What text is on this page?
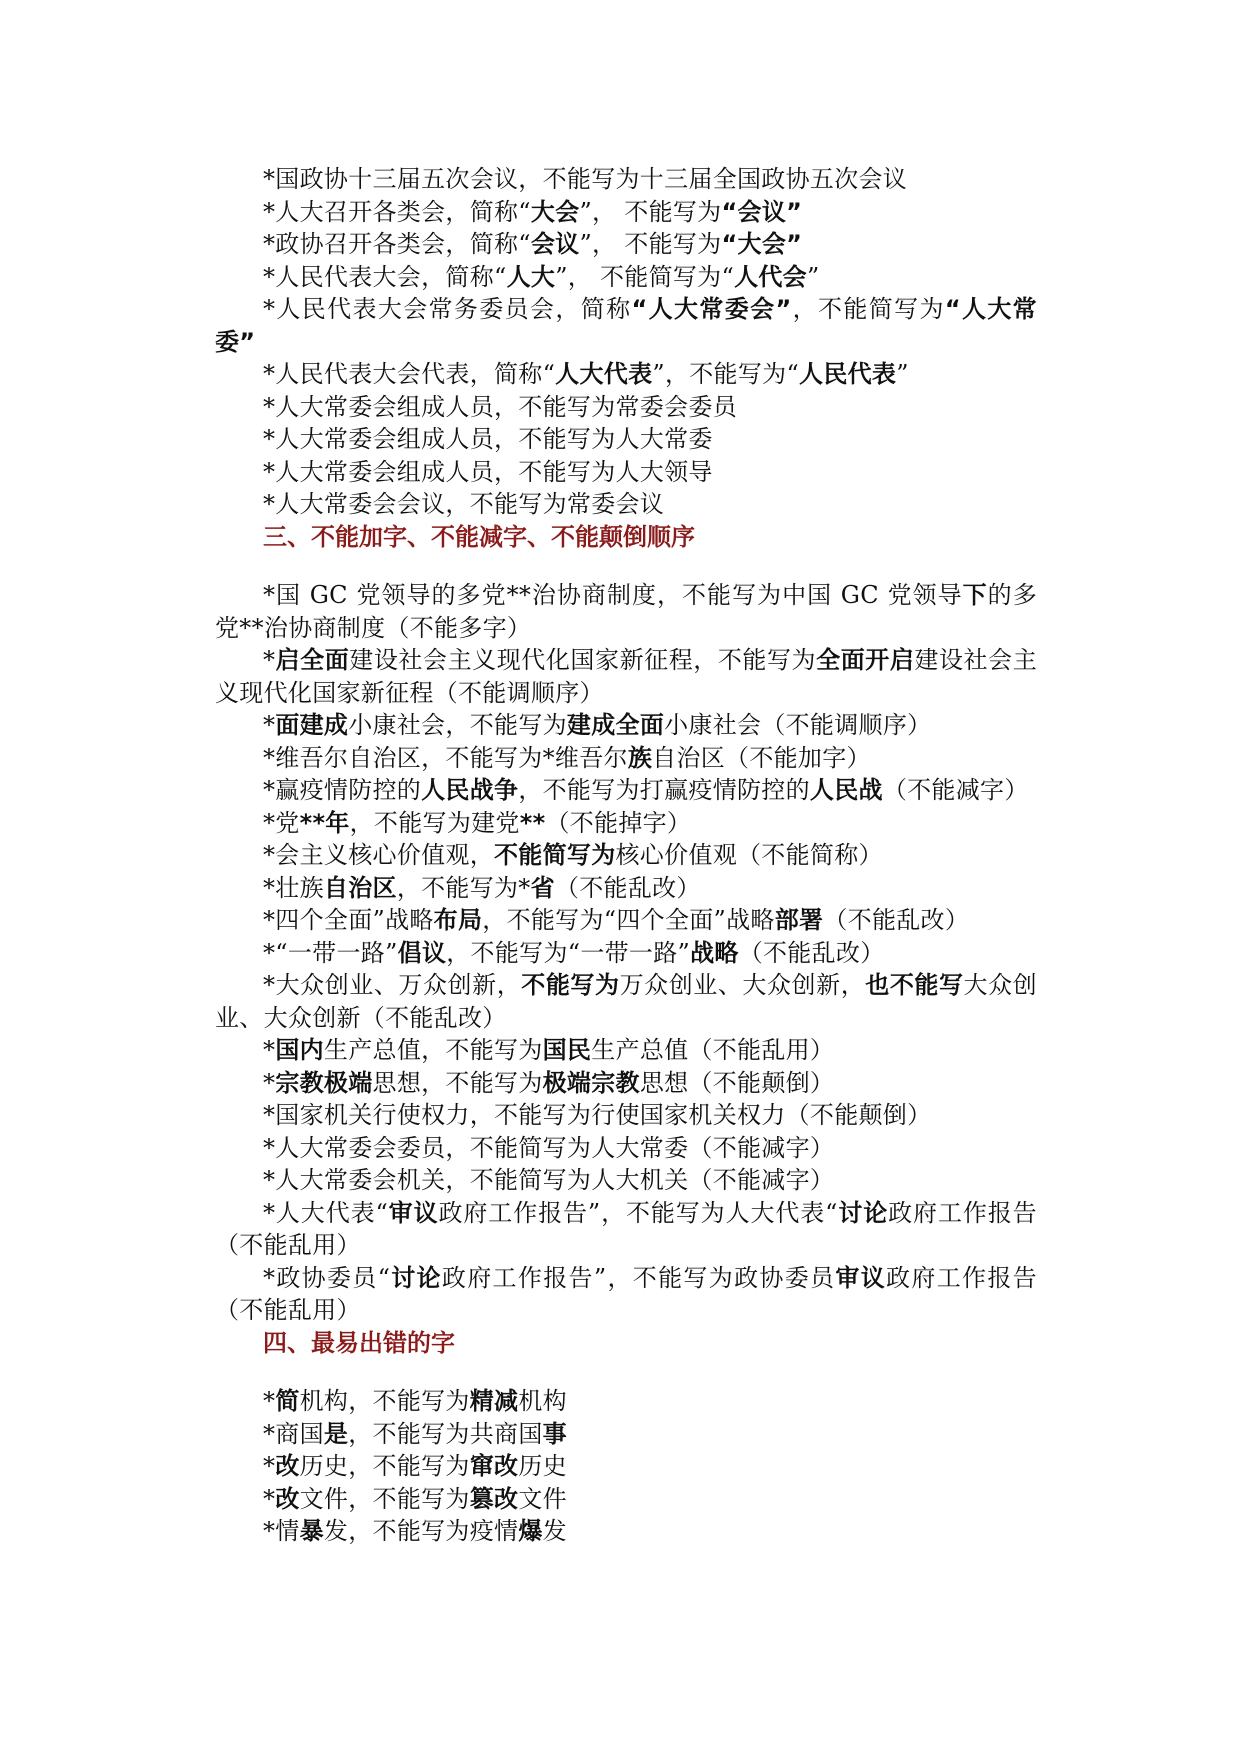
*国政协十三届五次会议，不能写为十三届全国政协五次会议

*人大召开各类会，简称“大会”， 不能写为“会议”

*政协召开各类会，简称“会议”， 不能写为“大会”

*人民代表大会，简称“人大”， 不能简写为“人代会”

*人民代表大会常务委员会，简称“人大常委会”，不能简写为“人大常委”

*人民代表大会代表，简称“人大代表”，不能写为“人民代表”

*人大常委会组成人员，不能写为常委会委员

*人大常委会组成人员，不能写为人大常委

*人大常委会组成人员，不能写为人大领导

*人大常委会会议，不能写为常委会议

三、不能加字、不能减字、不能颠倒顺序

*国 GC 党领导的多党**治协商制度，不能写为中国 GC 党领导下的多党**治协商制度（不能多字）

*启全面建设社会主义现代化国家新征程，不能写为全面开启建设社会主义现代化国家新征程（不能调顺序）

*面建成小康社会，不能写为建成全面小康社会（不能调顺序）

*维吾尔自治区，不能写为*维吾尔族自治区（不能加字）

*赢疫情防控的人民战争，不能写为打赢疫情防控的人民战（不能减字）

*党**年，不能写为建党**（不能掉字）

*会主义核心价值观，不能简写为核心价值观（不能简称）

*壮族自治区，不能写为*省（不能乱改）

*四个全面”战略布局，不能写为“四个全面”战略部署（不能乱改）

*“一带一路”倡议，不能写为“一带一路”战略（不能乱改）

*大众创业、万众创新，不能写为万众创业、大众创新，也不能写大众创业、大众创新（不能乱改）

*国内生产总值，不能写为国民生产总值（不能乱用）

*宗教极端思想，不能写为极端宗教思想（不能颠倒）

*国家机关行使权力，不能写为行使国家机关权力（不能颠倒）

*人大常委会委员，不能简写为人大常委（不能减字）

*人大常委会机关，不能简写为人大机关（不能减字）

*人大代表“审议政府工作报告”，不能写为人大代表“讨论政府工作报告（不能乱用）

*政协委员“讨论政府工作报告”，不能写为政协委员审议政府工作报告（不能乱用）

四、最易出错的字

*简机构，不能写为精减机构

*商国是，不能写为共商国事

*改历史，不能写为窜改历史

*改文件，不能写为篡改文件

*情暴发，不能写为疫情爆发
